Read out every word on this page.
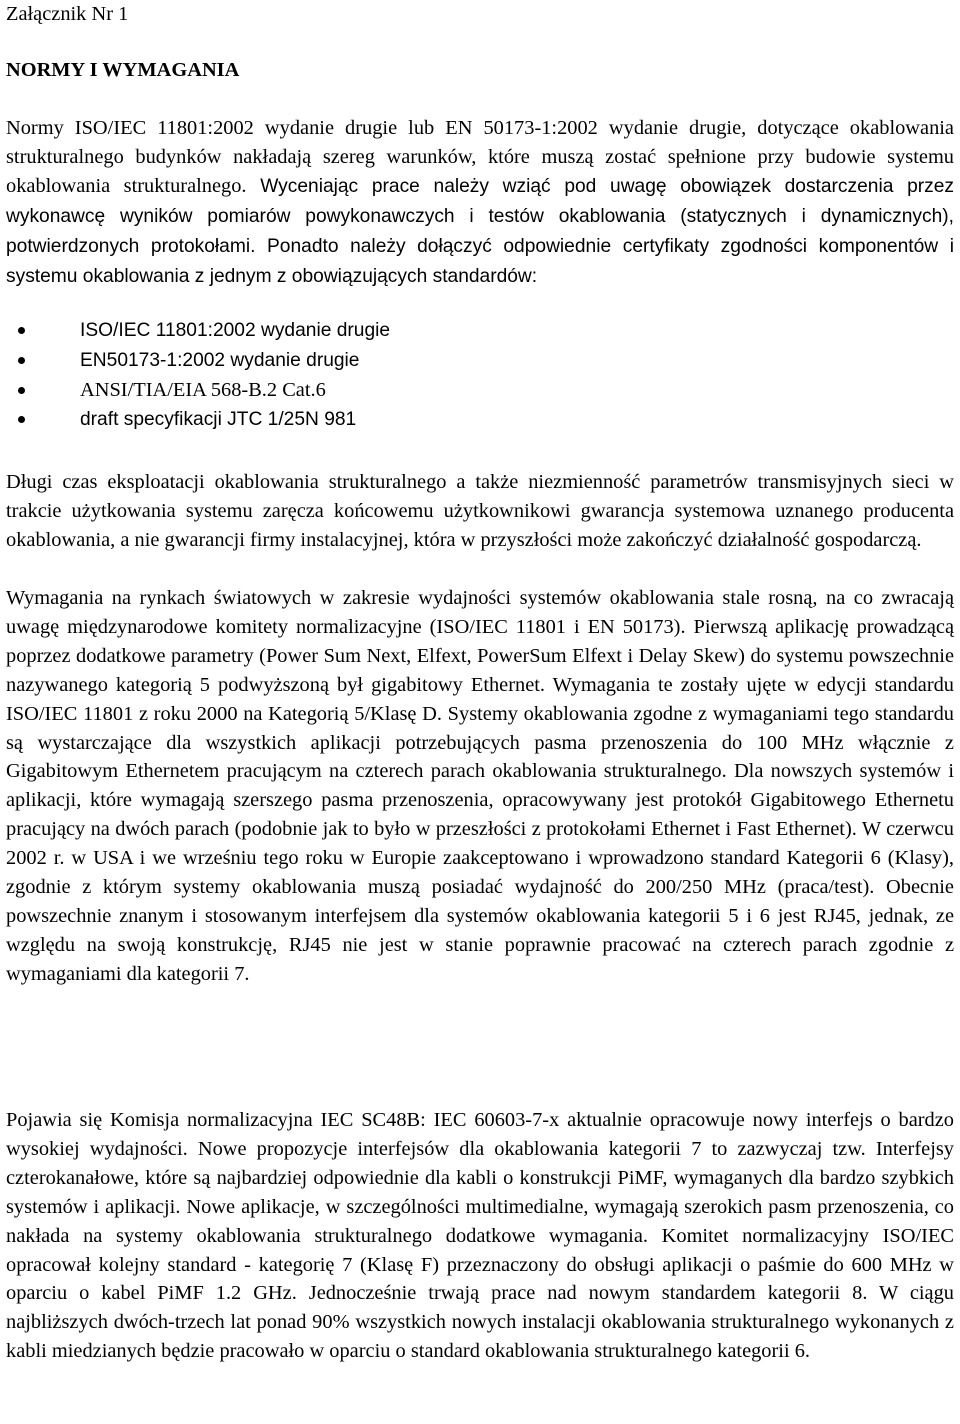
Załącznik Nr 1
NORMY I WYMAGANIA

Normy ISO/IEC 11801:2002 wydanie drugie lub EN 50173-1:2002 wydanie drugie, dotyczące okablowania strukturalnego budynków nakładają szereg warunków, które muszą zostać spełnione przy budowie systemu okablowania strukturalnego. Wyceniając prace należy wziąć pod uwagę obowiązek dostarczenia przez wykonawcę wyników pomiarów powykonawczych i testów okablowania (statycznych i dynamicznych), potwierdzonych protokołami. Ponadto należy dołączyć odpowiednie certyfikaty zgodności komponentów i systemu okablowania z jednym z obowiązujących standardów:

ISO/IEC 11801:2002 wydanie drugie
EN50173-1:2002 wydanie drugie
ANSI/TIA/EIA 568-B.2 Cat.6
draft specyfikacji JTC 1/25N 981

Długi czas eksploatacji okablowania strukturalnego a także niezmienność parametrów transmisyjnych sieci w trakcie użytkowania systemu zaręcza końcowemu użytkownikowi gwarancja systemowa uznanego producenta okablowania, a nie gwarancji firmy instalacyjnej, która w przyszłości może zakończyć działalność gospodarczą.

Wymagania na rynkach światowych w zakresie wydajności systemów okablowania stale rosną, na co zwracają uwagę międzynarodowe komitety normalizacyjne (ISO/IEC 11801 i EN 50173). Pierwszą aplikację prowadzącą poprzez dodatkowe parametry (Power Sum Next, Elfext, PowerSum Elfext i Delay Skew) do systemu powszechnie nazywanego kategorią 5 podwyższoną był gigabitowy Ethernet. Wymagania te zostały ujęte w edycji standardu ISO/IEC 11801 z roku 2000 na Kategorią 5/Klasę D. Systemy okablowania zgodne z wymaganiami tego standardu są wystarczające dla wszystkich aplikacji potrzebujących pasma przenoszenia do 100 MHz włącznie z Gigabitowym Ethernetem pracującym na czterech parach okablowania strukturalnego. Dla nowszych systemów i aplikacji, które wymagają szerszego pasma przenoszenia, opracowywany jest protokół Gigabitowego Ethernetu pracujący na dwóch parach (podobnie jak to było w przeszłości z protokołami Ethernet i Fast Ethernet). W czerwcu 2002 r. w USA i we wrześniu tego roku w Europie zaakceptowano i wprowadzono standard Kategorii 6 (Klasy), zgodnie z którym systemy okablowania muszą posiadać wydajność do 200/250 MHz (praca/test). Obecnie powszechnie znanym i stosowanym interfejsem dla systemów okablowania kategorii 5 i 6 jest RJ45, jednak, ze względu na swoją konstrukcję, RJ45 nie jest w stanie poprawnie pracować na czterech parach zgodnie z wymaganiami dla kategorii 7.

Pojawia się Komisja normalizacyjna IEC SC48B: IEC 60603-7-x aktualnie opracowuje nowy interfejs o bardzo wysokiej wydajności. Nowe propozycje interfejsów dla okablowania kategorii 7 to zazwyczaj tzw. Interfejsy czterokanałowe, które są najbardziej odpowiednie dla kabli o konstrukcji PiMF, wymaganych dla bardzo szybkich systemów i aplikacji. Nowe aplikacje, w szczególności multimedialne, wymagają szerokich pasm przenoszenia, co nakłada na systemy okablowania strukturalnego dodatkowe wymagania. Komitet normalizacyjny ISO/IEC opracował kolejny standard - kategorię 7 (Klasę F) przeznaczony do obsługi aplikacji o paśmie do 600 MHz w oparciu o kabel PiMF 1.2 GHz. Jednocześnie trwają prace nad nowym standardem kategorii 8. W ciągu najbliższych dwóch-trzech lat ponad 90% wszystkich nowych instalacji okablowania strukturalnego wykonanych z kabli miedzianych będzie pracowało w oparciu o standard okablowania strukturalnego kategorii 6.
